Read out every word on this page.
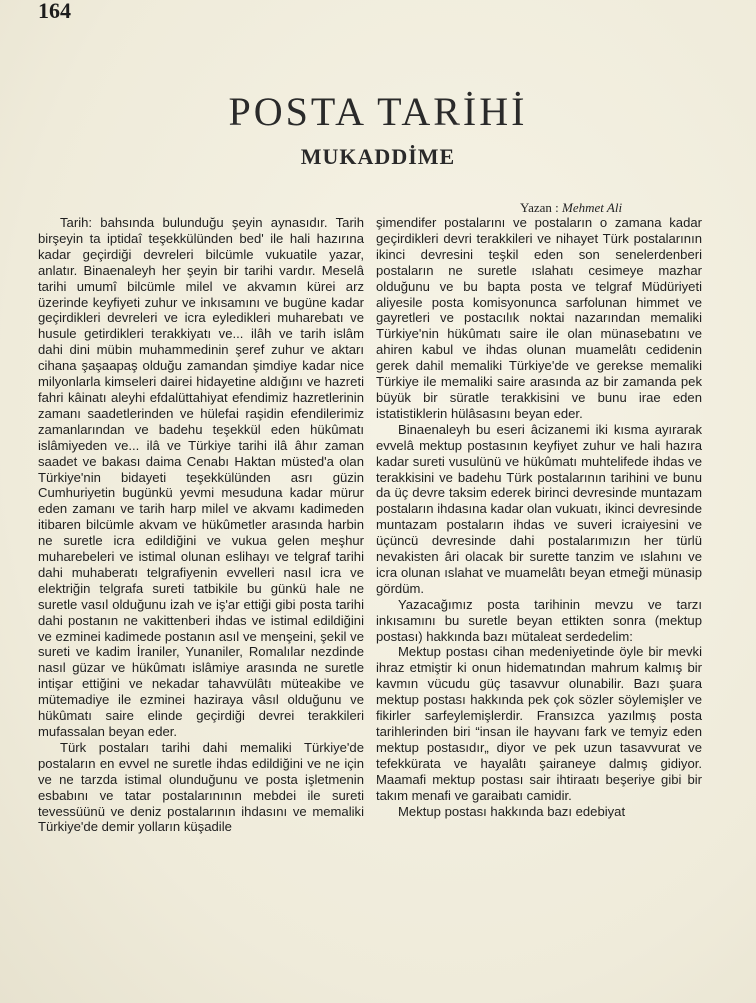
164
POSTA TARİHİ
MUKADDİME
Yazan : Mehmet Ali

Tarih: bahsında bulunduğu şeyin aynasıdır. Tarih birşeyin ta iptidaî teşekkülünden bed' ile hali hazırına kadar geçirdiği devreleri bilcümle vukuatile yazar, anlatır. Binaenaleyh her şeyin bir tarihi vardır. Meselâ tarihi umumî bilcümle milel ve akvamın kürei arz üzerinde keyfiyeti zuhur ve inkısamını ve bugüne kadar geçirdikleri devreleri ve icra eyledikleri muharebatı ve husule getirdikleri terakkiyatı ve... ilâh ve tarih islâm dahi dini mübin muhammedinin şeref zuhur ve aktarı cihana şaşaapaş olduğu zamandan şimdiye kadar nice milyonlarla kimseleri dairei hidayetine aldığını ve hazreti fahri kâinatı aleyhi efdalüttahiyat efendimiz hazretlerinin zamanı saadetlerinden ve hülefai raşidin efendilerimiz zamanlarından ve badehu teşekkül eden hükûmatı islâmiyeden ve... ilâ ve Türkiye tarihi ilâ âhır zaman saadet ve bakası daima Cenabı Haktan müsted'a olan Türkiye'nin bidayeti teşekkülünden asrı güzin Cumhuriyetin bugünkü yevmi mesuduna kadar mürur eden zamanı ve tarih harp milel ve akvamı kadimeden itibaren bilcümle akvam ve hükûmetler arasında harbin ne suretle icra edildiğini ve vukua gelen meşhur muharebeleri ve istimal olunan eslihayı ve telgraf tarihi dahi muhaberatı telgrafiyenin evvelleri nasıl icra ve elektriğin telgrafa sureti tatbikile bu günkü hale ne suretle vasıl olduğunu izah ve iş'ar ettiği gibi posta tarihi dahi postanın ne vakittenberi ihdas ve istimal edildiğini ve ezminei kadimede postanın asıl ve menşeini, şekil ve sureti ve kadim İraniler, Yunaniler, Romalılar nezdinde nasıl güzar ve hükûmatı islâmiye arasında ne suretle intişar ettiğini ve nekadar tahavvülâtı müteakibe ve mütemadiye ile ezminei haziraya vâsıl olduğunu ve hükûmatı saire elinde geçirdiği devrei terakkileri mufassalan beyan eder.

Türk postaları tarihi dahi memaliki Türkiye'de postaların en evvel ne suretle ihdas edildiğini ve ne için ve ne tarzda istimal olunduğunu ve posta işletmenin esbabını ve tatar postalarınının mebdei ile sureti tevessüünü ve deniz postalarının ihdasını ve memaliki Türkiye'de demir yolların küşadile

şimendifer postalarını ve postaların o zamana kadar geçirdikleri devri terakkileri ve nihayet Türk postalarının ikinci devresini teşkil eden son senelerdenberi postaların ne suretle ıslahatı cesimeye mazhar olduğunu ve bu bapta posta ve telgraf Müdüriyeti aliyesile posta komisyonunca sarfolunan himmet ve gayretleri ve postacılık noktai nazarından memaliki Türkiye'nin hükûmatı saire ile olan münasebatını ve ahiren kabul ve ihdas olunan muamelâtı cedidenin gerek dahil memaliki Türkiye'de ve gerekse memaliki Türkiye ile memaliki saire arasında az bir zamanda pek büyük bir süratle terakkisini ve bunu irae eden istatistiklerin hülâsasını beyan eder.

Binaenaleyh bu eseri âcizanemi iki kısma ayırarak evvelâ mektup postasının keyfiyet zuhur ve hali hazıra kadar sureti vusulünü ve hükûmatı muhtelifede ihdas ve terakkisini ve badehu Türk postalarının tarihini ve bunu da üç devre taksim ederek birinci devresinde muntazam postaların ihdasına kadar olan vukuatı, ikinci devresinde muntazam postaların ihdas ve suveri icraiyesini ve üçüncü devresinde dahi postalarımızın her türlü nevakisten âri olacak bir surette tanzim ve ıslahını ve icra olunan ıslahat ve muamelâtı beyan etmeği münasip gördüm.

Yazacağımız posta tarihinin mevzu ve tarzı inkısamını bu suretle beyan ettikten sonra (mektup postası) hakkında bazı mütaleat serdedelim:

Mektup postası cihan medeniyetinde öyle bir mevki ihraz etmiştir ki onun hidematından mahrum kalmış bir kavmın vücudu güç tasavvur olunabilir. Bazı şuara mektup postası hakkında pek çok sözler söylemişler ve fikirler sarfeylemişlerdir. Fransızca yazılmış posta tarihlerinden biri “insan ile hayvanı fark ve temyiz eden mektup postasıdır„ diyor ve pek uzun tasavvurat ve tefekkürata ve hayalâtı şairaneye dalmış gidiyor. Maamafi mektup postası sair ihtiraatı beşeriye gibi bir takım menafi ve garaibatı camidir.

Mektup postası hakkında bazı edebiyat
